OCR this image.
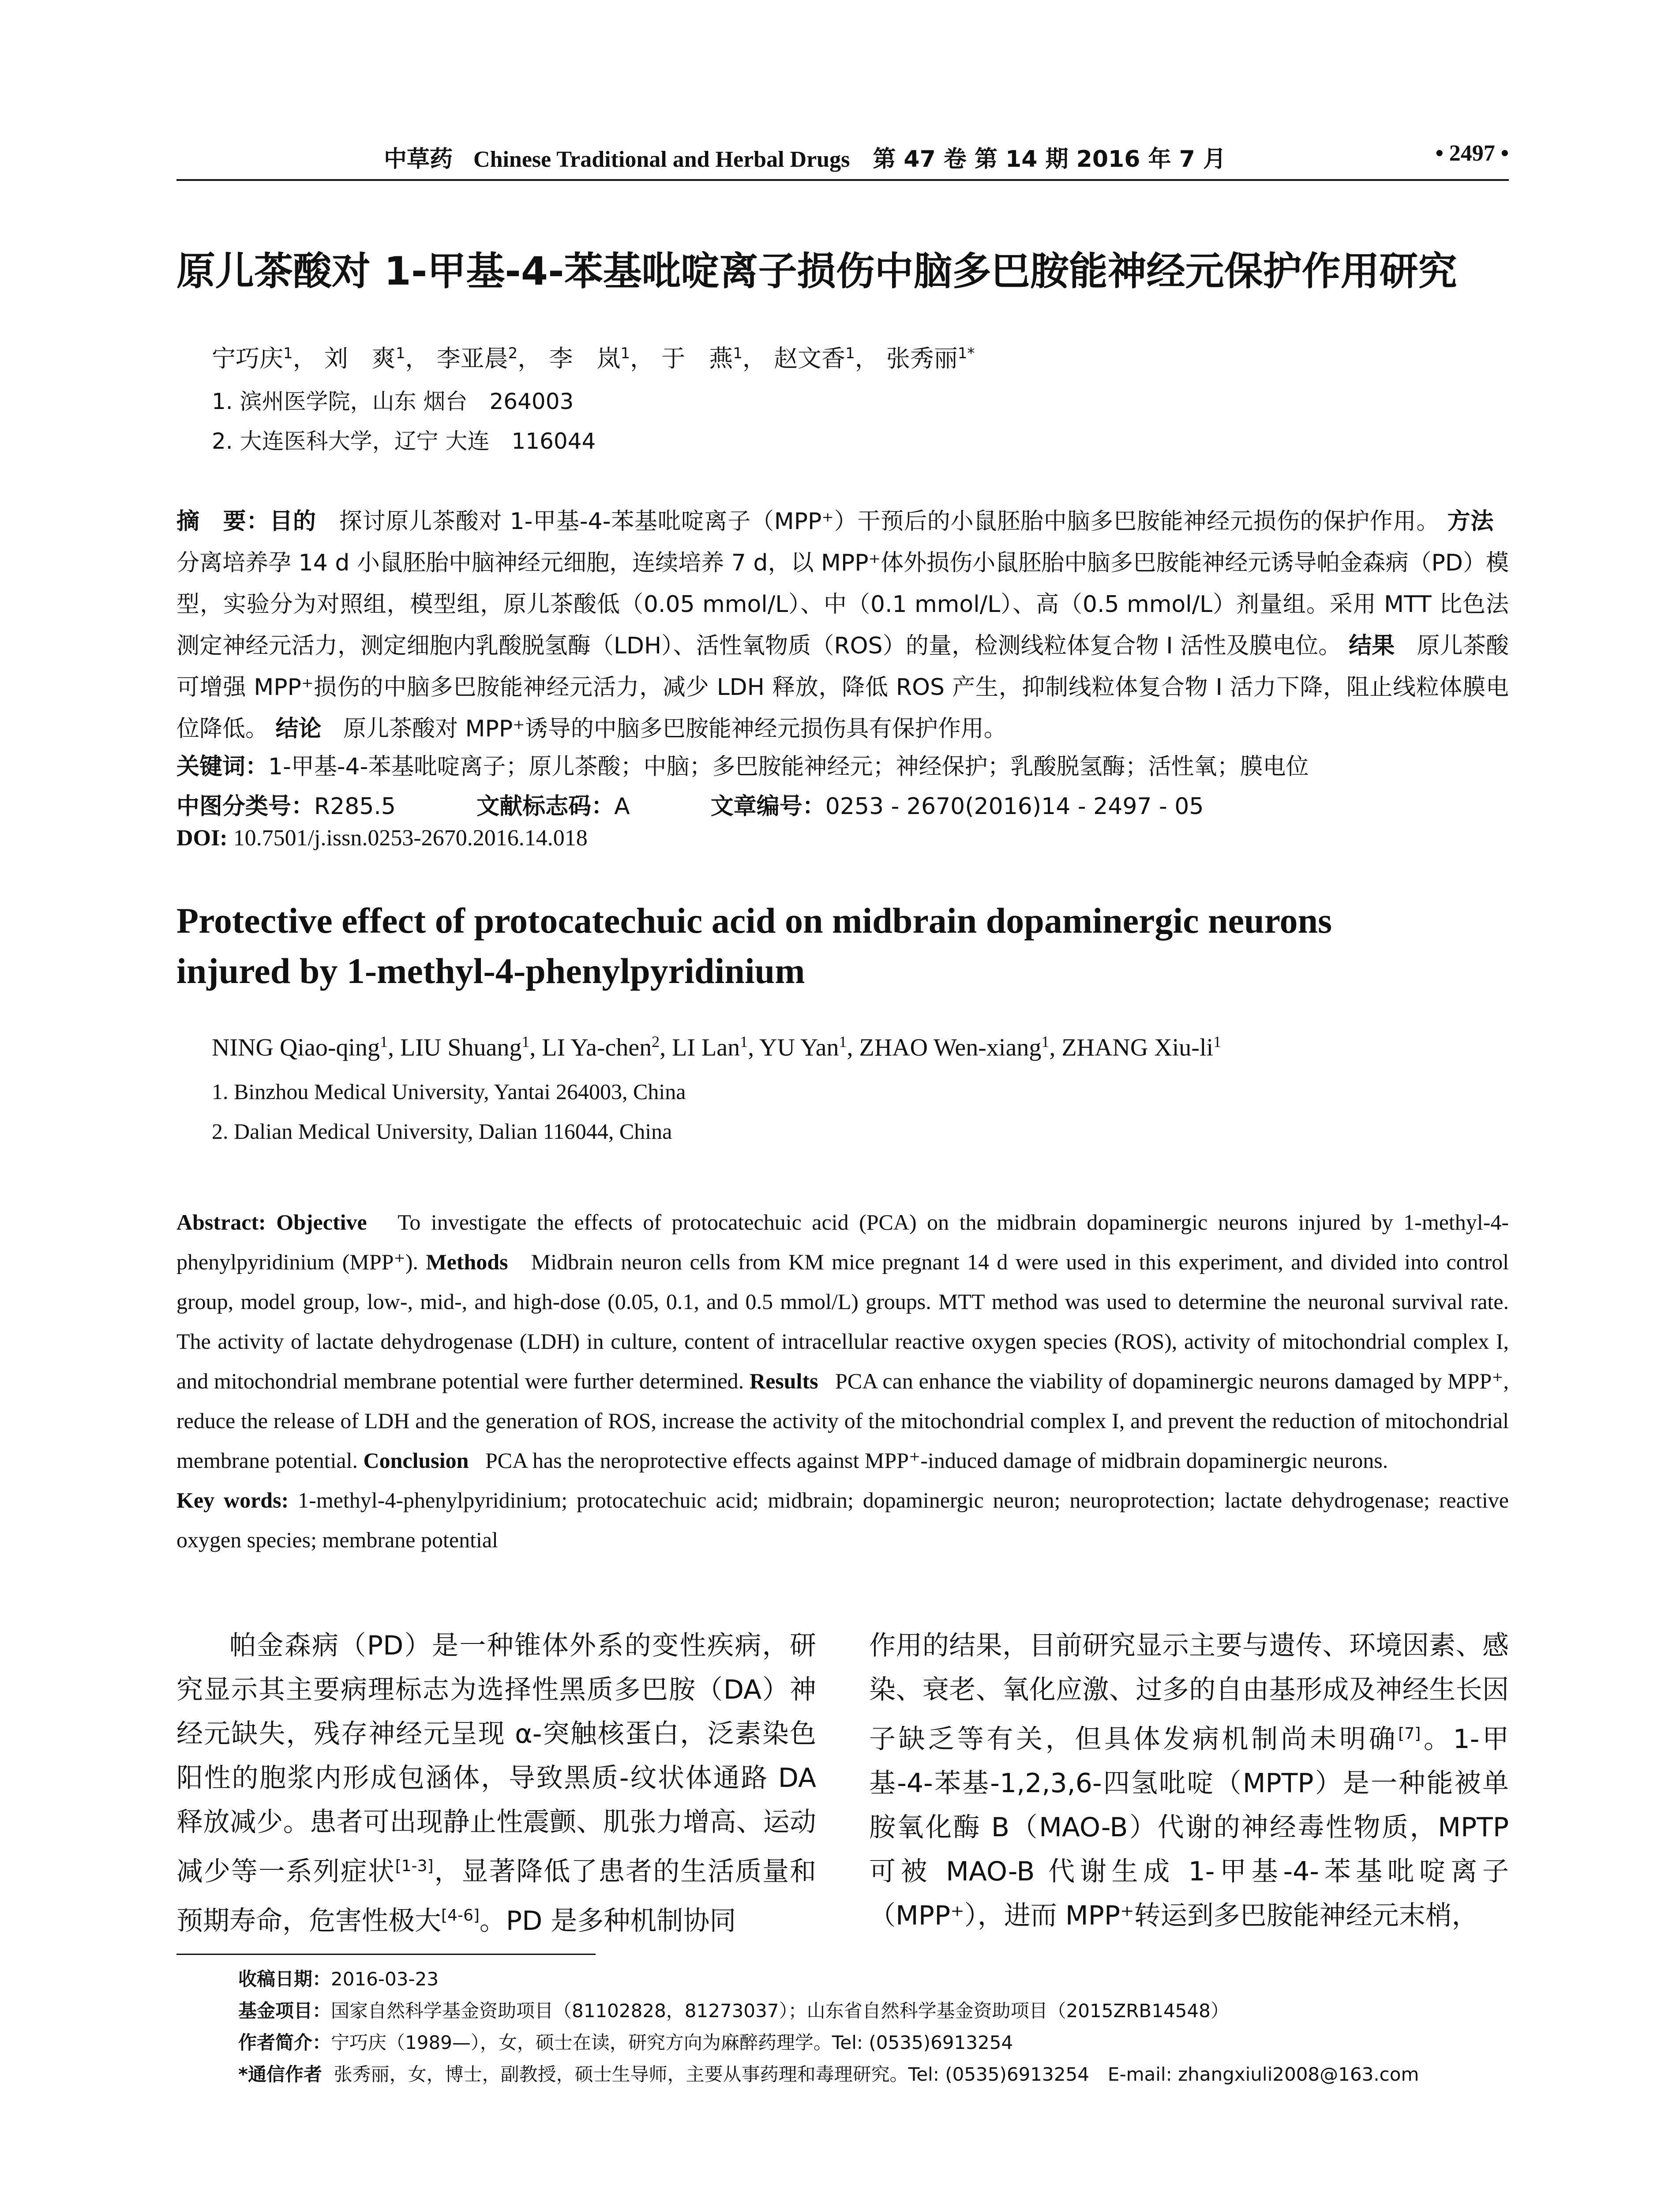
中草药 Chinese Traditional and Herbal Drugs 第 47 卷 第 14 期 2016 年 7 月	• 2497 •
原儿茶酸对 1-甲基-4-苯基吡啶离子损伤中脑多巴胺能神经元保护作用研究
宁巧庆$^1$， 刘　爽$^1$， 李亚晨$^2$， 李　岚$^1$， 于　燕$^1$， 赵文香$^1$， 张秀丽$^{1*}$
1. 滨州医学院，山东 烟台　264003
2. 大连医科大学，辽宁 大连　116044

摘　要：目的 探讨原儿茶酸对 1-甲基-4-苯基吡啶离子（MPP⁺）干预后的小鼠胚胎中脑多巴胺能神经元损伤的保护作用。 方法   分离培养孕 14 d 小鼠胚胎中脑神经元细胞，连续培养 7 d，以 MPP⁺体外损伤小鼠胚胎中脑多巴胺能神经元诱导帕金森病（PD）模型，实验分为对照组，模型组，原儿茶酸低（0.05 mmol/L）、中（0.1 mmol/L）、高（0.5 mmol/L）剂量组。采用 MTT 比色法测定神经元活力，测定细胞内乳酸脱氢酶（LDH）、活性氧物质（ROS）的量，检测线粒体复合物 I 活性及膜电位。 结果 原儿茶酸可增强 MPP⁺损伤的中脑多巴胺能神经元活力，减少 LDH 释放，降低 ROS 产生，抑制线粒体复合物 I 活力下降，阻止线粒体膜电位降低。 结论 原儿茶酸对 MPP⁺诱导的中脑多巴胺能神经元损伤具有保护作用。

关键词：1-甲基-4-苯基吡啶离子；原儿茶酸；中脑；多巴胺能神经元；神经保护；乳酸脱氢酶；活性氧；膜电位
中图分类号：R285.5	文献标志码：A	文章编号：0253 - 2670(2016)14 - 2497 - 05
DOI: 10.7501/j.issn.0253-2670.2016.14.018
Protective effect of protocatechuic acid on midbrain dopaminergic neurons
injured by 1-methyl-4-phenylpyridinium
NING Qiao-qing$^1$, LIU Shuang$^1$, LI Ya-chen$^2$, LI Lan$^1$, YU Yan$^1$, ZHAO Wen-xiang$^1$, ZHANG Xiu-$li^1$
1. Binzhou Medical University, Yantai 264003, China
2. Dalian Medical University, Dalian 116044, China

Abstract: Objective To investigate the effects of protocatechuic acid (PCA) on the midbrain dopaminergic neurons injured by 1-methyl-4-phenylpyridinium (MPP⁺). Methods Midbrain neuron cells from KM mice pregnant 14 d were used in this experiment, and divided into control group, model group, low-, mid-, and high-dose (0.05, 0.1, and 0.5 mmol/L) groups. MTT method was used to determine the neuronal survival rate. The activity of lactate dehydrogenase (LDH) in culture, content of intracellular reactive oxygen species (ROS), activity of mitochondrial complex I, and mitochondrial membrane potential were further determined. Results PCA can enhance the viability of dopaminergic neurons damaged by MPP⁺, reduce the release of LDH and the generation of ROS, increase the activity of the mitochondrial complex I, and prevent the reduction of mitochondrial membrane potential. Conclusion PCA has the neroprotective effects against MPP⁺-induced damage of midbrain dopaminergic neurons.

Key words: 1-methyl-4-phenylpyridinium; protocatechuic acid; midbrain; dopaminergic neuron; neuroprotection; lactate dehydrogenase; reactive oxygen species; membrane potential

帕金森病（PD）是一种锥体外系的变性疾病，研究显示其主要病理标志为选择性黑质多巴胺（DA）神经元缺失，残存神经元呈现 α-突触核蛋白，泛素染色阳性的胞浆内形成包涵体，导致黑质-纹状体通路 DA 释放减少。患者可出现静止性震颤、肌张力增高、运动减少等一系列症状[1-3]，显著降低了患者的生活质量和预期寿命，危害性极大[4-6]。PD 是多种机制协同
作用的结果，目前研究显示主要与遗传、环境因素、感染、衰老、氧化应激、过多的自由基形成及神经生长因子缺乏等有关，但具体发病机制尚未明确[7]。1-甲基-4-苯基-1,2,3,6-四氢吡啶（MPTP）是一种能被单胺氧化酶 B（MAO-B）代谢的神经毒性物质，MPTP 可被 MAO-B 代谢生成 1-甲基-4-苯基吡啶离子（MPP⁺），进而 MPP⁺转运到多巴胺能神经元末梢，
收稿日期：2016-03-23
基金项目：国家自然科学基金资助项目（81102828，81273037）；山东省自然科学基金资助项目（2015ZRB14548）
作者简介：宁巧庆（1989—），女，硕士在读，研究方向为麻醉药理学。Tel: (0535)6913254
*通信作者 张秀丽，女，博士，副教授，硕士生导师，主要从事药理和毒理研究。Tel: (0535)6913254　E-mail: zhangxiuli2008@163.com
